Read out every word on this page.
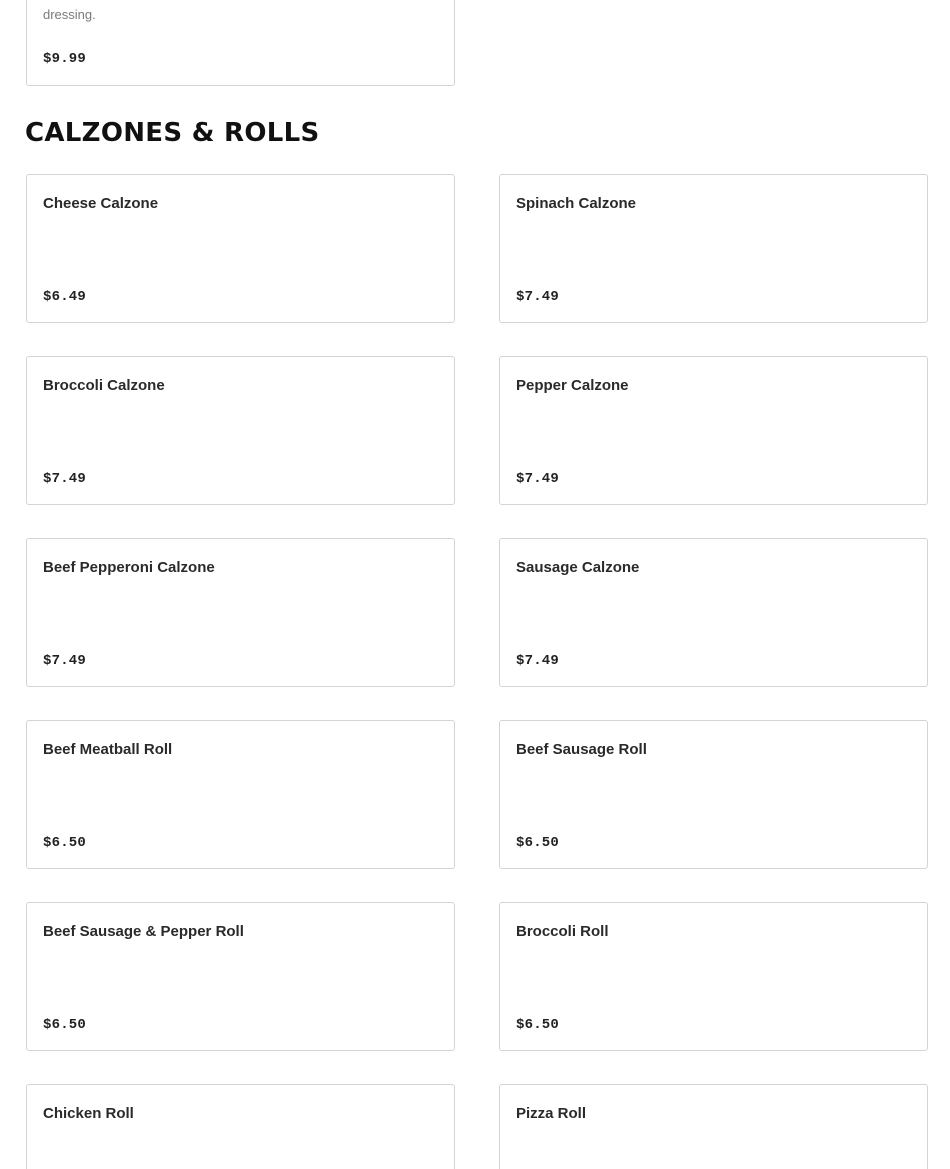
dressing.
$9.99
CALZONES & ROLLS
Cheese Calzone
$6.49
Spinach Calzone
$7.49
Broccoli Calzone
$7.49
Pepper Calzone
$7.49
Beef Pepperoni Calzone
$7.49
Sausage Calzone
$7.49
Beef Meatball Roll
$6.50
Beef Sausage Roll
$6.50
Beef Sausage & Pepper Roll
$6.50
Broccoli Roll
$6.50
Chicken Roll	Pizza Roll
